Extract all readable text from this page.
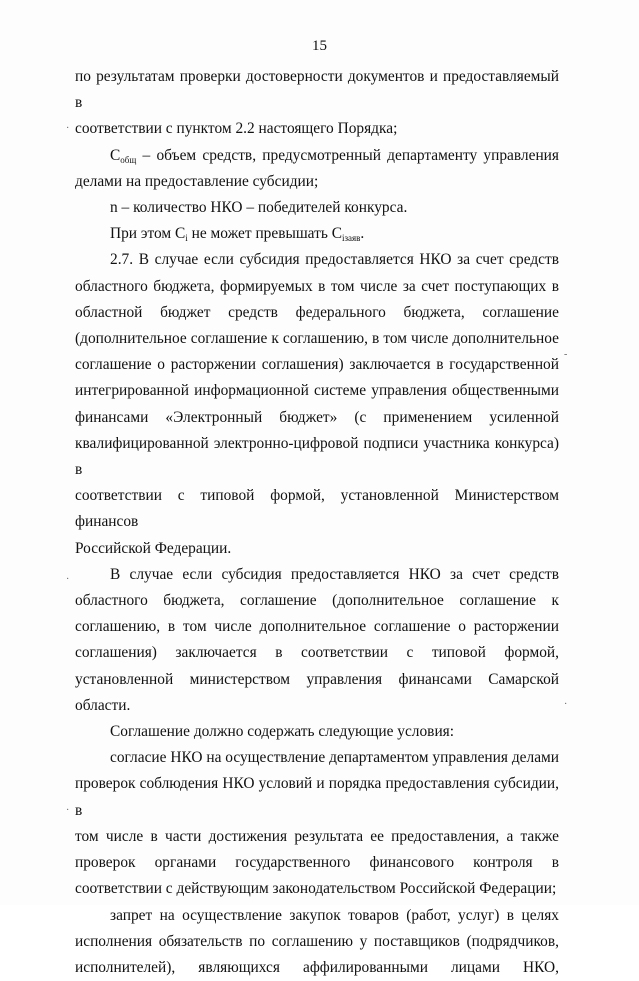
15
·
-
·
·
·

по результатам проверки достоверности документов и предоставляемый в

соответствии с пунктом 2.2 настоящего Порядка;

$C_{общ}$ – объем средств, предусмотренный департаменту управления

делами на предоставление субсидии;

n – количество НКО – победителей конкурса.

При этом $C_i$ не может превышать $C_{iзаяв}$.

2.7. В случае если субсидия предоставляется НКО за счет средств

областного бюджета, формируемых в том числе за счет поступающих в

областной бюджет средств федерального бюджета, соглашение

(дополнительное соглашение к соглашению, в том числе дополнительное

соглашение о расторжении соглашения) заключается в государственной

интегрированной информационной системе управления общественными

финансами «Электронный бюджет» (с применением усиленной

квалифицированной электронно-цифровой подписи участника конкурса) в

соответствии с типовой формой, установленной Министерством финансов

Российской Федерации.

В случае если субсидия предоставляется НКО за счет средств

областного бюджета, соглашение (дополнительное соглашение к

соглашению, в том числе дополнительное соглашение о расторжении

соглашения) заключается в соответствии с типовой формой,

установленной министерством управления финансами Самарской области.

Соглашение должно содержать следующие условия:

согласие НКО на осуществление департаментом управления делами

проверок соблюдения НКО условий и порядка предоставления субсидии, в

том числе в части достижения результата ее предоставления, а также

проверок органами государственного финансового контроля в

соответствии с действующим законодательством Российской Федерации;

запрет на осуществление закупок товаров (работ, услуг) в целях

исполнения обязательств по соглашению у поставщиков (подрядчиков,

исполнителей), являющихся аффилированными лицами НКО,
